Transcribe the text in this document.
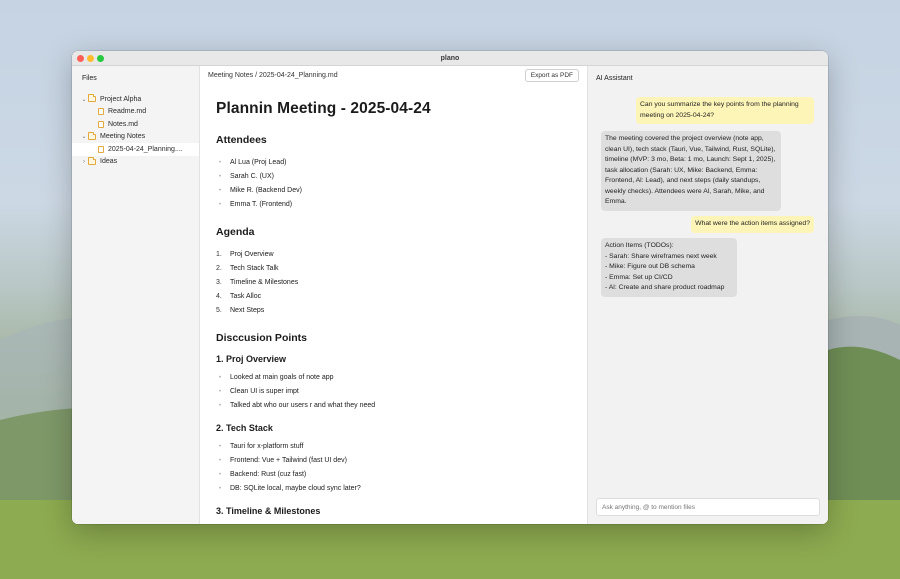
plano
Files
⌄ Project Alpha
Readme.md
Notes.md
⌄ Meeting Notes
2025-04-24_Planning....
›	Ideas
Meeting Notes / 2025-04-24_Planning.md	Export as PDF
Plannin Meeting - 2025-04-24
Attendees
• Al Lua (Proj Lead)
• Sarah C. (UX)
• Mike R. (Backend Dev)
• Emma T. (Frontend)
Agenda
1. Proj Overview
2. Tech Stack Talk
3. Timeline & Milestones
4. Task Alloc
5. Next Steps
Disccusion Points
1. Proj Overview
• Looked at main goals of note app
• Clean UI is super impt
• Talked abt who our users r and what they need
2. Tech Stack
• Tauri for x-platform stuff
• Frontend: Vue + Tailwind (fast UI dev)
• Backend: Rust (cuz fast)
• DB: SQLite local, maybe cloud sync later?
3. Timeline & Milestones
AI Assistant
Can you summarize the key points from the planning meeting on 2025-04-24?
The meeting covered the project overview (note app, clean UI), tech stack (Tauri, Vue, Tailwind, Rust, SQLite), timeline (MVP: 3 mo, Beta: 1 mo, Launch: Sept 1, 2025), task allocation (Sarah: UX, Mike: Backend, Emma: Frontend, Al: Lead), and next steps (daily standups, weekly checks). Attendees were Al, Sarah, Mike, and Emma.
What were the action items assigned?
Action Items (TODOs):
- Sarah: Share wireframes next week
- Mike: Figure out DB schema
- Emma: Set up CI/CD
- Al: Create and share product roadmap
Ask anything, @ to mention files
